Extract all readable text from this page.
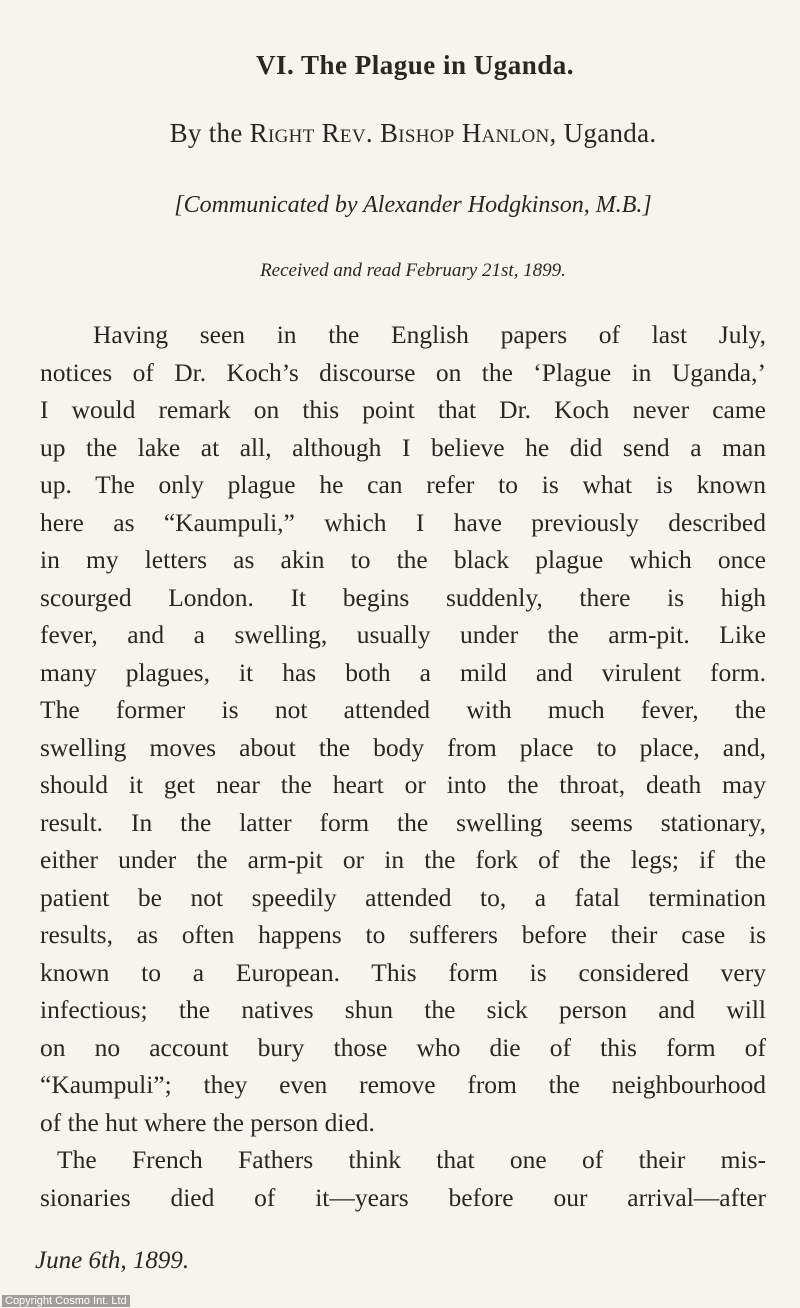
VI. The Plague in Uganda.
By the Right Rev. Bishop Hanlon, Uganda.
[Communicated by Alexander Hodgkinson, M.B.]
Received and read February 21st, 1899.
Having seen in the English papers of last July,
notices of Dr. Koch’s discourse on the ‘Plague in Uganda,’
I would remark on this point that Dr. Koch never came
up the lake at all, although I believe he did send a man
up. The only plague he can refer to is what is known
here as “Kaumpuli,” which I have previously described
in my letters as akin to the black plague which once
scourged London. It begins suddenly, there is high
fever, and a swelling, usually under the arm-pit. Like
many plagues, it has both a mild and virulent form.
The former is not attended with much fever, the
swelling moves about the body from place to place, and,
should it get near the heart or into the throat, death may
result. In the latter form the swelling seems stationary,
either under the arm-pit or in the fork of the legs; if the
patient be not speedily attended to, a fatal termination
results, as often happens to sufferers before their case is
known to a European. This form is considered very
infectious; the natives shun the sick person and will
on no account bury those who die of this form of
“Kaumpuli”; they even remove from the neighbourhood
of the hut where the person died.
The French Fathers think that one of their mis-
sionaries died of it—years before our arrival—after
June 6th, 1899.
Copyright Cosmo Int. Ltd
